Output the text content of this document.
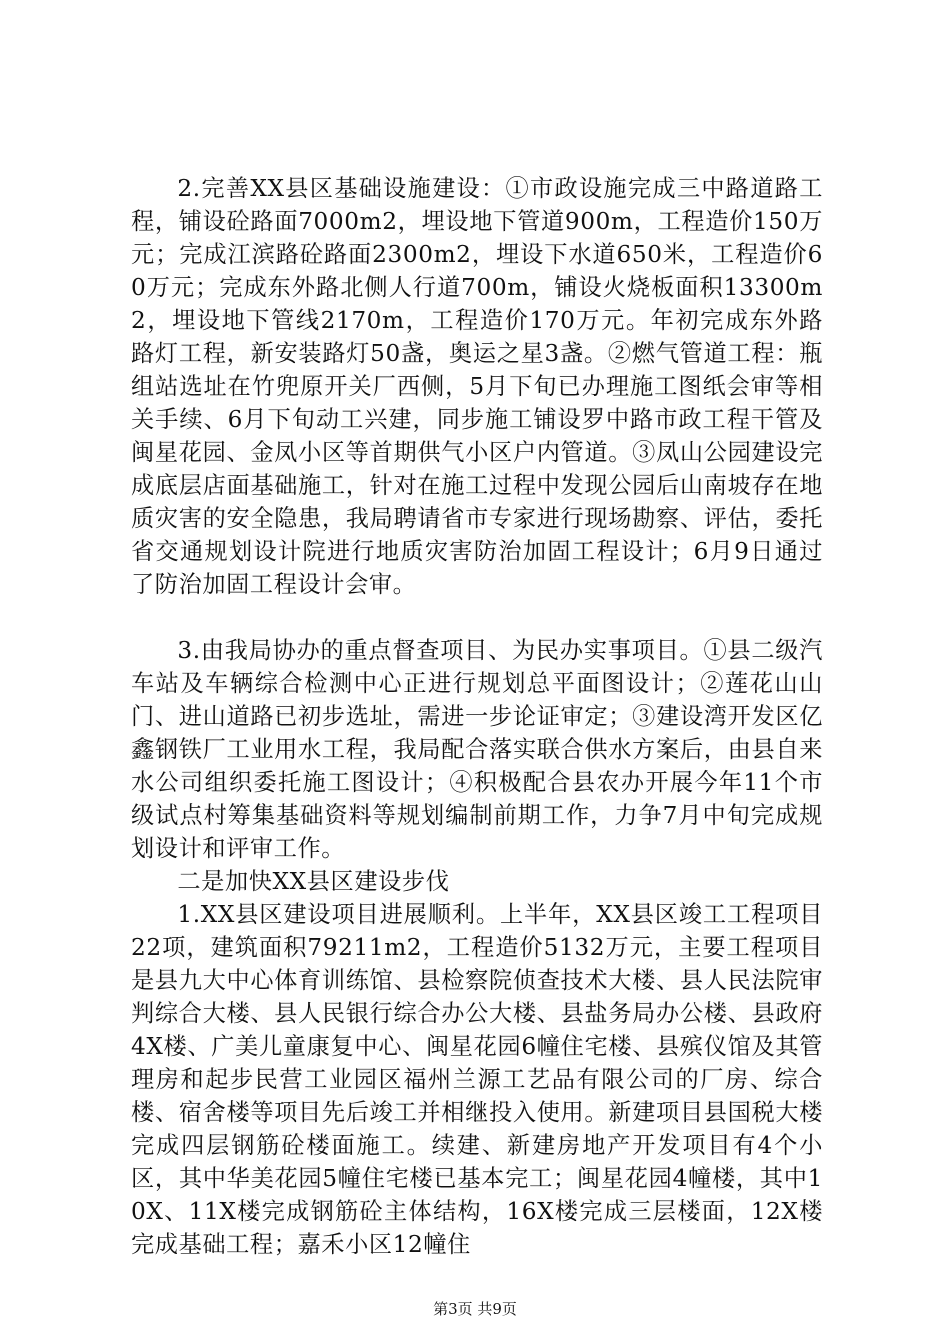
2.完善XX县区基础设施建设：①市政设施完成三中路道路工程，铺设砼路面7000m2，埋设地下管道900m，工程造价150万元；完成江滨路砼路面2300m2，埋设下水道650米，工程造价60万元；完成东外路北侧人行道700m，铺设火烧板面积13300m2，埋设地下管线2170m，工程造价170万元。年初完成东外路路灯工程，新安装路灯50盏，奥运之星3盏。②燃气管道工程：瓶组站选址在竹兜原开关厂西侧，5月下旬已办理施工图纸会审等相关手续、6月下旬动工兴建，同步施工铺设罗中路市政工程干管及闽星花园、金凤小区等首期供气小区户内管道。③凤山公园建设完成底层店面基础施工，针对在施工过程中发现公园后山南坡存在地质灾害的安全隐患，我局聘请省市专家进行现场勘察、评估，委托省交通规划设计院进行地质灾害防治加固工程设计；6月9日通过了防治加固工程设计会审。

3.由我局协办的重点督查项目、为民办实事项目。①县二级汽车站及车辆综合检测中心正进行规划总平面图设计；②莲花山山门、进山道路已初步选址，需进一步论证审定；③建设湾开发区亿鑫钢铁厂工业用水工程，我局配合落实联合供水方案后，由县自来水公司组织委托施工图设计；④积极配合县农办开展今年11个市级试点村筹集基础资料等规划编制前期工作，力争7月中旬完成规划设计和评审工作。

二是加快XX县区建设步伐

1.XX县区建设项目进展顺利。上半年，XX县区竣工工程项目22项，建筑面积79211m2，工程造价5132万元，主要工程项目是县九大中心体育训练馆、县检察院侦查技术大楼、县人民法院审判综合大楼、县人民银行综合办公大楼、县盐务局办公楼、县政府4X楼、广美儿童康复中心、闽星花园6幢住宅楼、县殡仪馆及其管理房和起步民营工业园区福州兰源工艺品有限公司的厂房、综合楼、宿舍楼等项目先后竣工并相继投入使用。新建项目县国税大楼完成四层钢筋砼楼面施工。续建、新建房地产开发项目有4个小区，其中华美花园5幢住宅楼已基本完工；闽星花园4幢楼，其中10X、11X楼完成钢筋砼主体结构，16X楼完成三层楼面，12X楼完成基础工程；嘉禾小区12幢住

第3页 共9页
